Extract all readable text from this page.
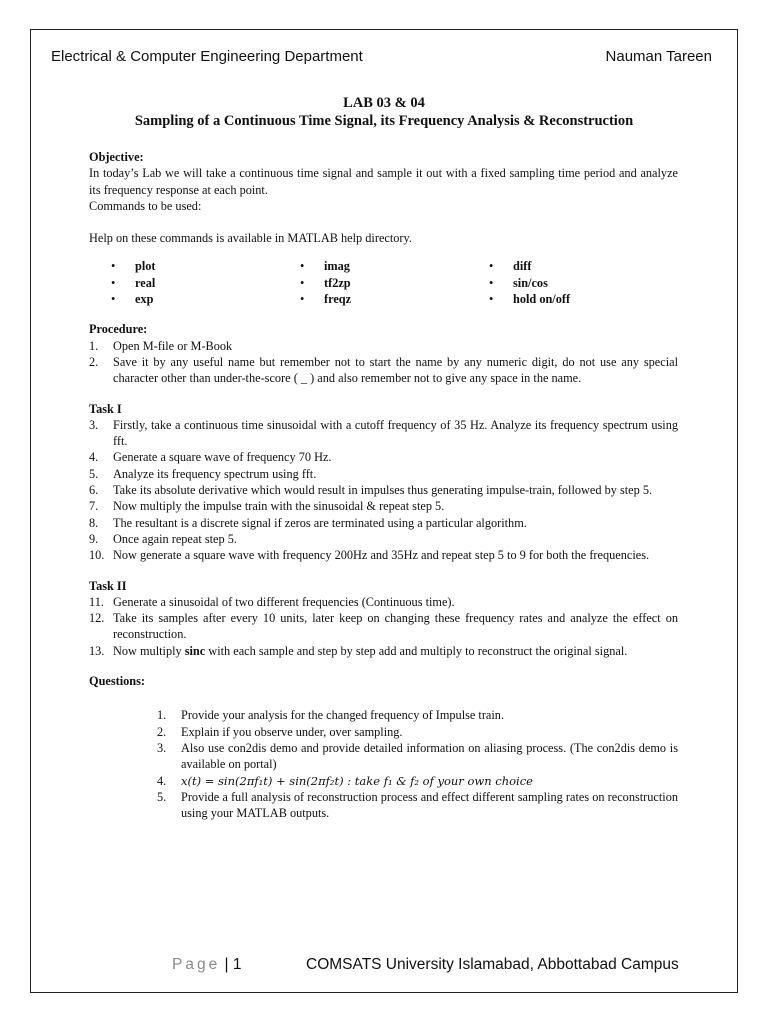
Electrical & Computer Engineering Department	Nauman Tareen
LAB 03 & 04
Sampling of a Continuous Time Signal, its Frequency Analysis & Reconstruction
Objective:

In today’s Lab we will take a continuous time signal and sample it out with a fixed sampling time period and analyze its frequency response at each point.

Commands to be used:
Help on these commands is available in MATLAB help directory.
• plot
• real
• exp
• imag
• tf2zp
• freqz
• diff
• sin/cos
• hold on/off
Procedure:
1. Open M-file or M-Book
2. Save it by any useful name but remember not to start the name by any numeric digit, do not use any special character other than under-the-score ( _ ) and also remember not to give any space in the name.
Task I
3. Firstly, take a continuous time sinusoidal with a cutoff frequency of 35 Hz. Analyze its frequency spectrum using fft.
4. Generate a square wave of frequency 70 Hz.
5. Analyze its frequency spectrum using fft.
6. Take its absolute derivative which would result in impulses thus generating impulse-train, followed by step 5.
7. Now multiply the impulse train with the sinusoidal & repeat step 5.
8. The resultant is a discrete signal if zeros are terminated using a particular algorithm.
9. Once again repeat step 5.
10. Now generate a square wave with frequency 200Hz and 35Hz and repeat step 5 to 9 for both the frequencies.
Task II
11. Generate a sinusoidal of two different frequencies (Continuous time).
12. Take its samples after every 10 units, later keep on changing these frequency rates and analyze the effect on reconstruction.
13. Now multiply sinc with each sample and step by step add and multiply to reconstruct the original signal.
Questions:
1. Provide your analysis for the changed frequency of Impulse train.
2. Explain if you observe under, over sampling.
3. Also use con2dis demo and provide detailed information on aliasing process. (The con2dis demo is available on portal)
4. x(t) = sin(2πf₁t) + sin(2πf₂t) : take f₁ & f₂ of your own choice
5. Provide a full analysis of reconstruction process and effect different sampling rates on reconstruction using your MATLAB outputs.
Page | 1	COMSATS University Islamabad, Abbottabad Campus
